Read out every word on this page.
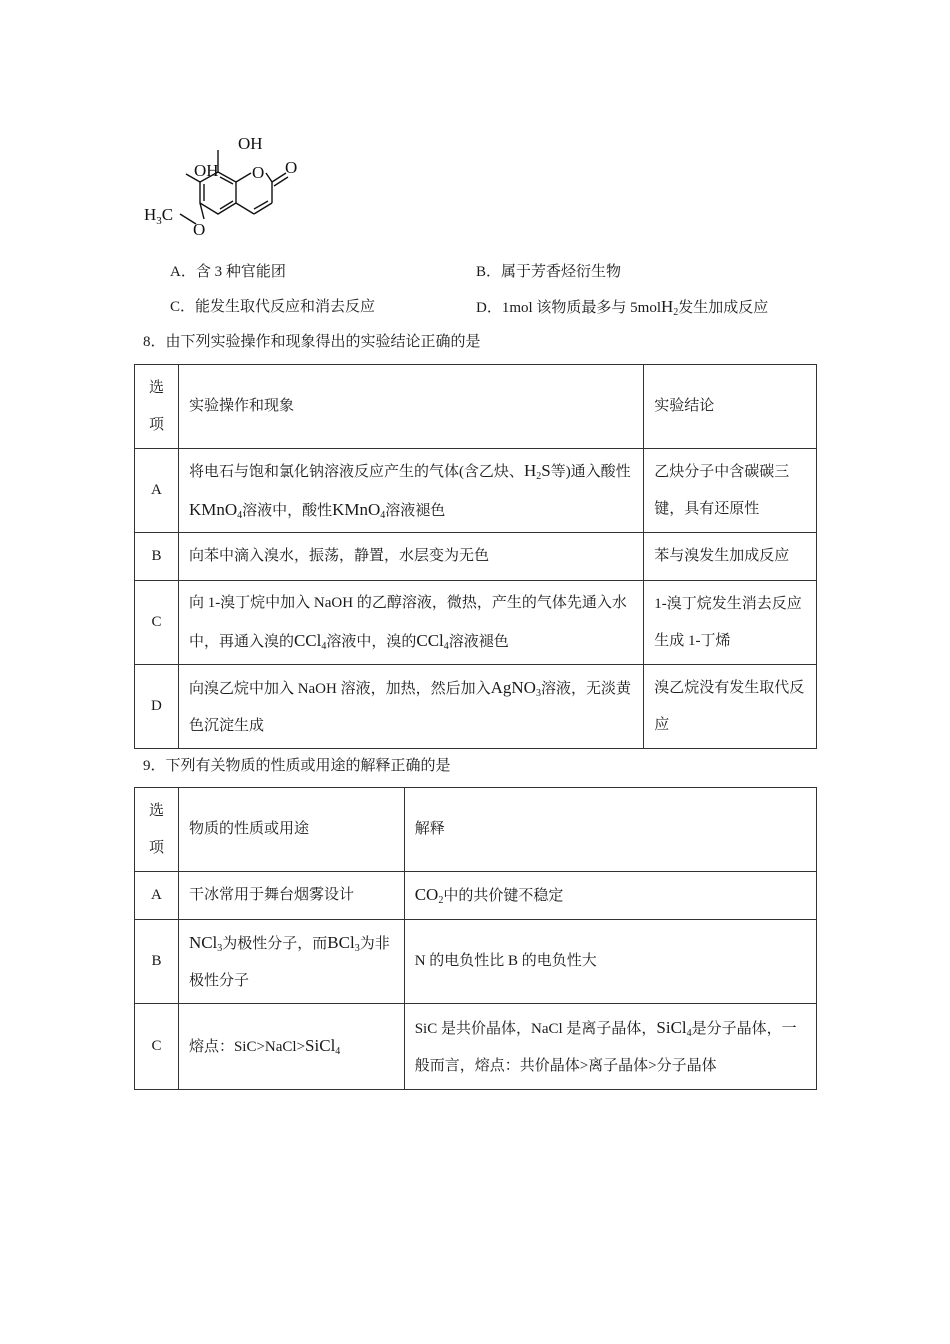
OH
OH O O
O
$H_3C$
A．含 3 种官能团	B．属于芳香烃衍生物
C．能发生取代反应和消去反应	D．1mol 该物质最多与 5molH$_2$发生加成反应
8．由下列实验操作和现象得出的实验结论正确的是
选
项	实验操作和现象	实验结论
A	将电石与饱和氯化钠溶液反应产生的气体(含乙炔、$H_2S$等)通入酸性KMnO$_4$溶液中，酸性KMnO$_4$溶液褪色	乙炔分子中含碳碳三键，具有还原性
B	向苯中滴入溴水，振荡，静置，水层变为无色	苯与溴发生加成反应
C	向 1-溴丁烷中加入 NaOH 的乙醇溶液，微热，产生的气体先通入水中，再通入溴的CCl$_4$溶液中，溴的CCl$_4$溶液褪色	1-溴丁烷发生消去反应生成 1-丁烯
D	向溴乙烷中加入 NaOH 溶液，加热，然后加入AgNO$_3$溶液，无淡黄色沉淀生成	溴乙烷没有发生取代反应
9．下列有关物质的性质或用途的解释正确的是
选
项	物质的性质或用途	解释
A	干冰常用于舞台烟雾设计	$CO_2$中的共价键不稳定
B	NCl$_3$为极性分子，而BCl$_3$为非极性分子	N 的电负性比 B 的电负性大
C	熔点：SiC>NaCl>SiCl$_4$	SiC 是共价晶体，NaCl 是离子晶体，SiCl$_4$是分子晶体，一般而言，熔点：共价晶体>离子晶体>分子晶体
